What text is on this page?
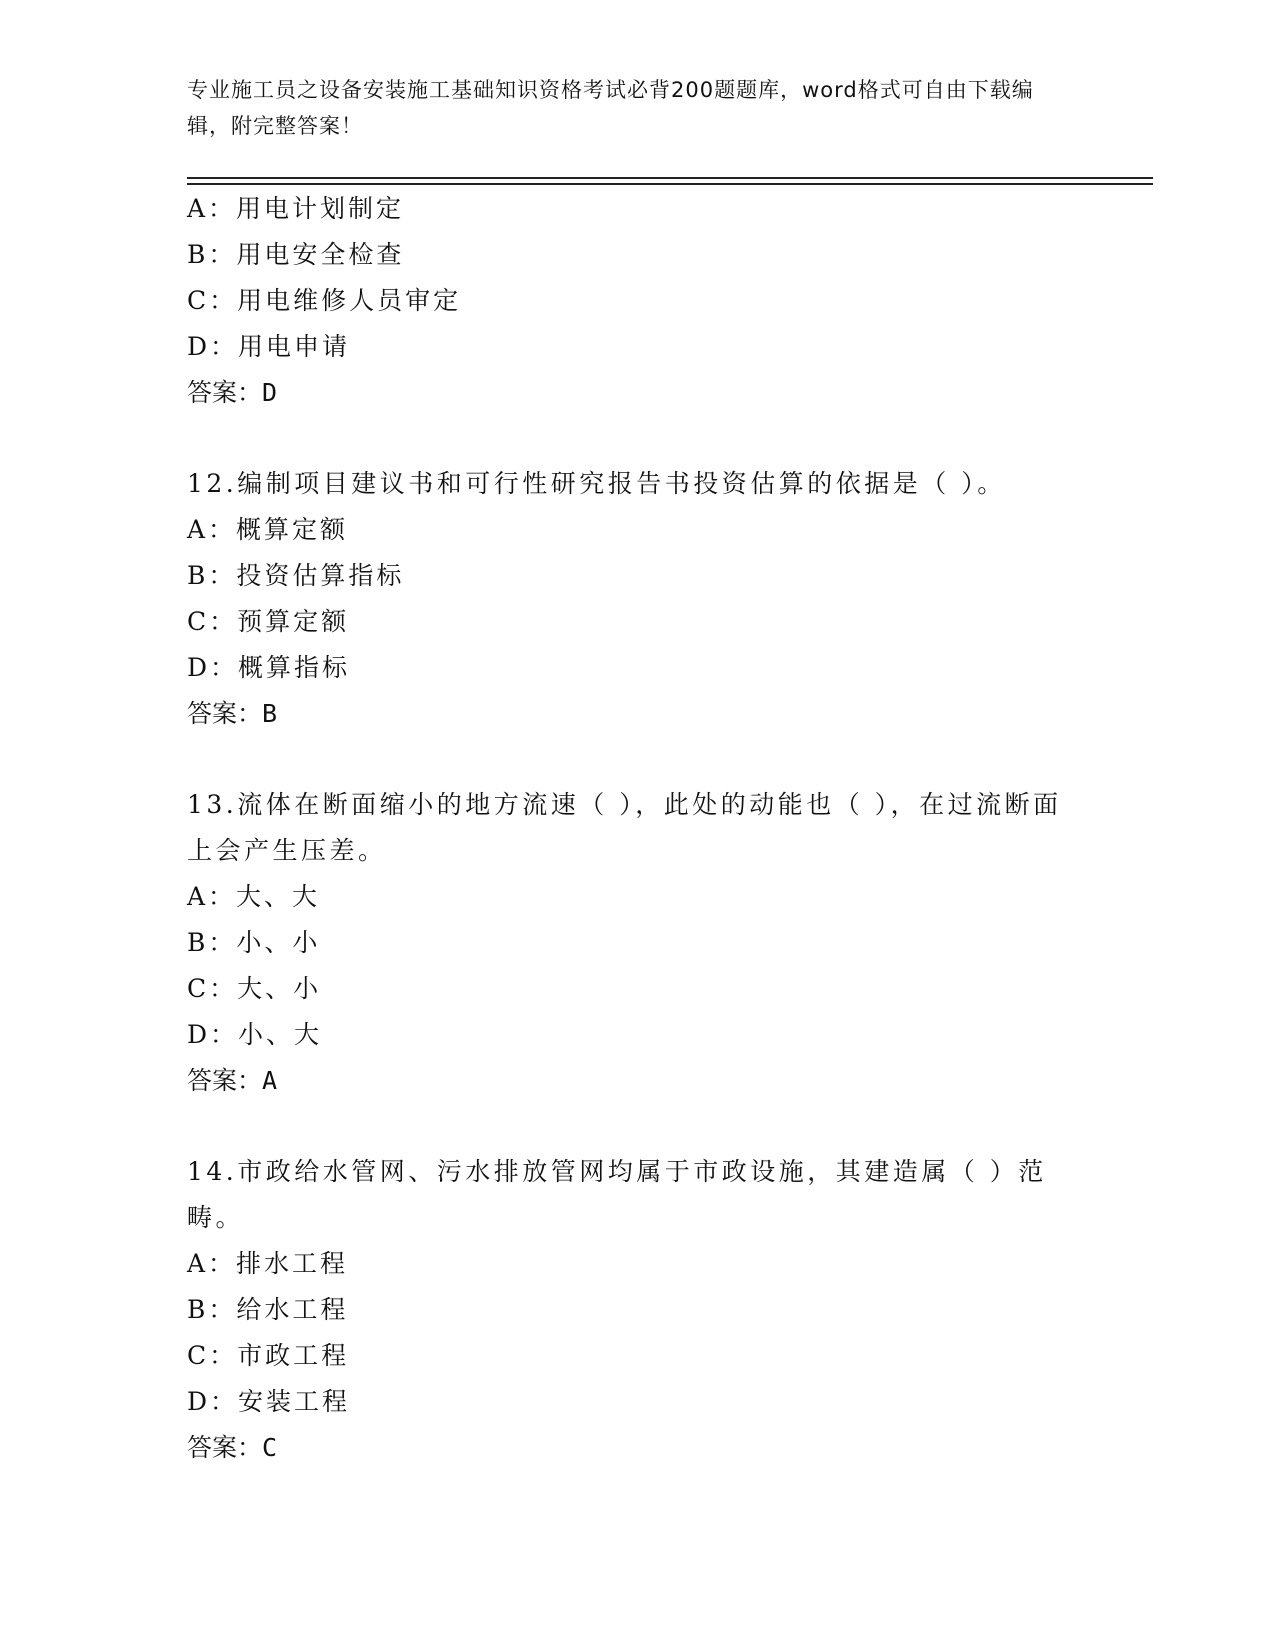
专业施工员之设备安装施工基础知识资格考试必背200题题库，word格式可自由下载编辑，附完整答案！
A：用电计划制定
B：用电安全检查
C：用电维修人员审定
D：用电申请
答案：D
12.编制项目建议书和可行性研究报告书投资估算的依据是（ ）。
A：概算定额
B：投资估算指标
C：预算定额
D：概算指标
答案：B
13.流体在断面缩小的地方流速（ ），此处的动能也（ ），在过流断面上会产生压差。
A：大、大
B：小、小
C：大、小
D：小、大
答案：A
14.市政给水管网、污水排放管网均属于市政设施，其建造属（ ）范畴。
A：排水工程
B：给水工程
C：市政工程
D：安装工程
答案：C
